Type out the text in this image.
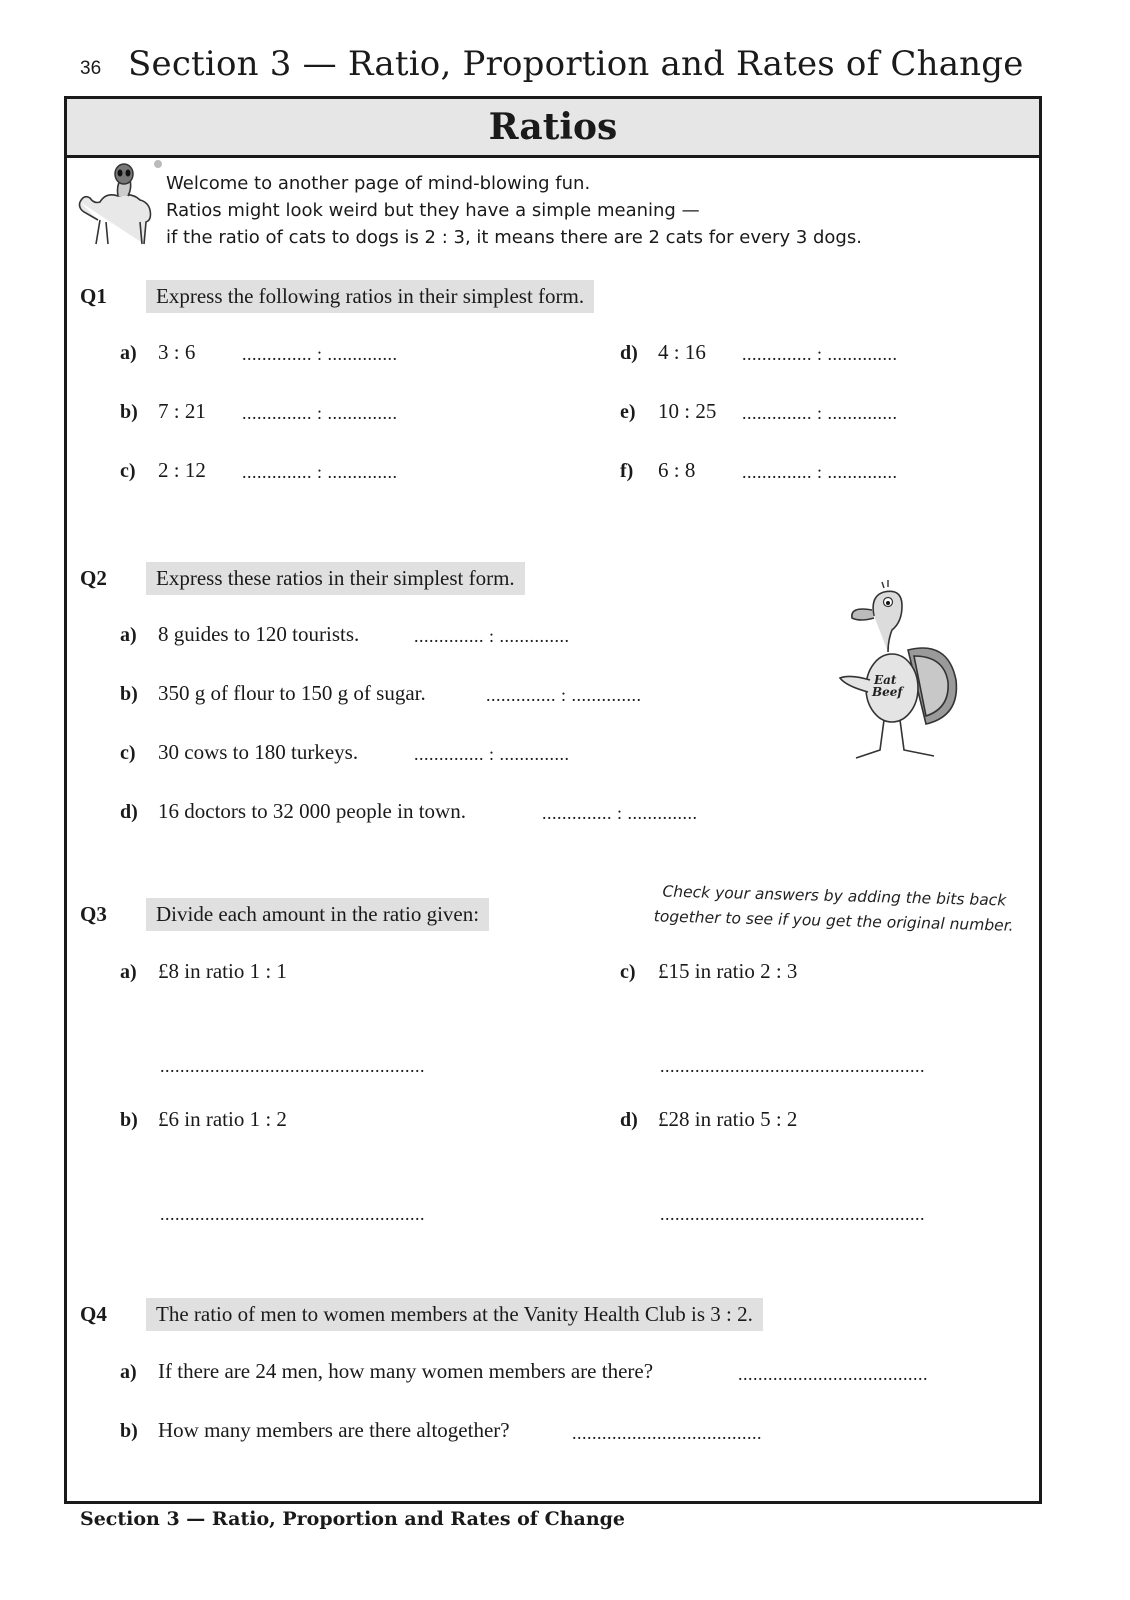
36 Section 3 — Ratio, Proportion and Rates of Change
Ratios
Welcome to another page of mind-blowing fun.
Ratios might look weird but they have a simple meaning —
if the ratio of cats to dogs is 2 : 3, it means there are 2 cats for every 3 dogs.
Q1	Express the following ratios in their simplest form.
a) 3 : 6	.............. : ..............
b) 7 : 21 .............. : ..............
c) 2 : 12 .............. : ..............
d) 4 : 16 .............. : ..............
e) 10 : 25 .............. : ..............
f) 6 : 8	.............. : ..............
Q2	Express these ratios in their simplest form.
a) 8 guides to 120 tourists.	.............. : ..............
b) 350 g of flour to 150 g of sugar.	.............. : ..............
c) 30 cows to 180 turkeys.	.............. : ..............
d) 16 doctors to 32 000 people in town.	.............. : ..............
Eat
Beef
Q3	Divide each amount in the ratio given:
Check your answers by adding the bits back
together to see if you get the original number.
a) £8 in ratio 1 : 1
.....................................................
b) £6 in ratio 1 : 2
.....................................................
c) £15 in ratio 2 : 3
.....................................................
d) £28 in ratio 5 : 2
.....................................................
Q4	The ratio of men to women members at the Vanity Health Club is 3 : 2.
a) If there are 24 men, how many women members are there?	......................................
b) How many members are there altogether?	......................................
Section 3 — Ratio, Proportion and Rates of Change
